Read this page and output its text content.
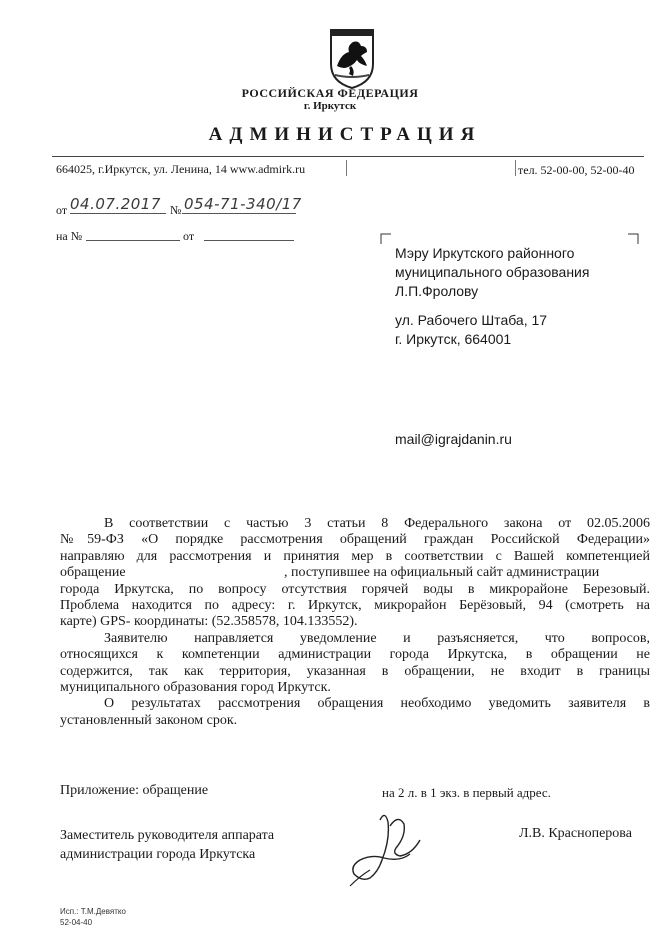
РОССИЙСКАЯ ФЕДЕРАЦИЯ
г. Иркутск
АДМИНИСТРАЦИЯ
664025, г.Иркутск, ул. Ленина, 14 www.admirk.ru	тел. 52-00-00, 52-00-40
от 04.07.2017 № 054-71-340/17
на №	от
Мэру Иркутского районного
муниципального образования
Л.П.Фролову
ул. Рабочего Штаба, 17
г. Иркутск, 664001
mail@igrajdanin.ru

В соответствии с частью 3 статьи 8 Федерального закона от 02.05.2006

№59-ФЗ «О порядке рассмотрения обращений граждан Российской Федерации»
направляю для рассмотрения и принятия мер в соответствии с Вашей компетенцией
обращение	, поступившее на официальный сайт администрации
города Иркутска, по вопросу отсутствия горячей воды в микрорайоне Березовый.
Проблема находится по адресу: г. Иркутск, микрорайон Берёзовый, 94 (смотреть на
карте) GPS- координаты: (52.358578, 104.133552).

Заявителю направляется уведомление и разъясняется, что вопросов,

относящихся к компетенции администрации города Иркутска, в обращении не
содержится, так как территория, указанная в обращении, не входит в границы
муниципального образования город Иркутск.

О результатах рассмотрения обращения необходимо уведомить заявителя в

установленный законом срок.
Приложение: обращение	на 2 л. в 1 экз. в первый адрес.
Заместитель руководителя аппарата
администрации города Иркутска
Л.В. Красноперова
Исп.: Т.М.Девятко
52-04-40
